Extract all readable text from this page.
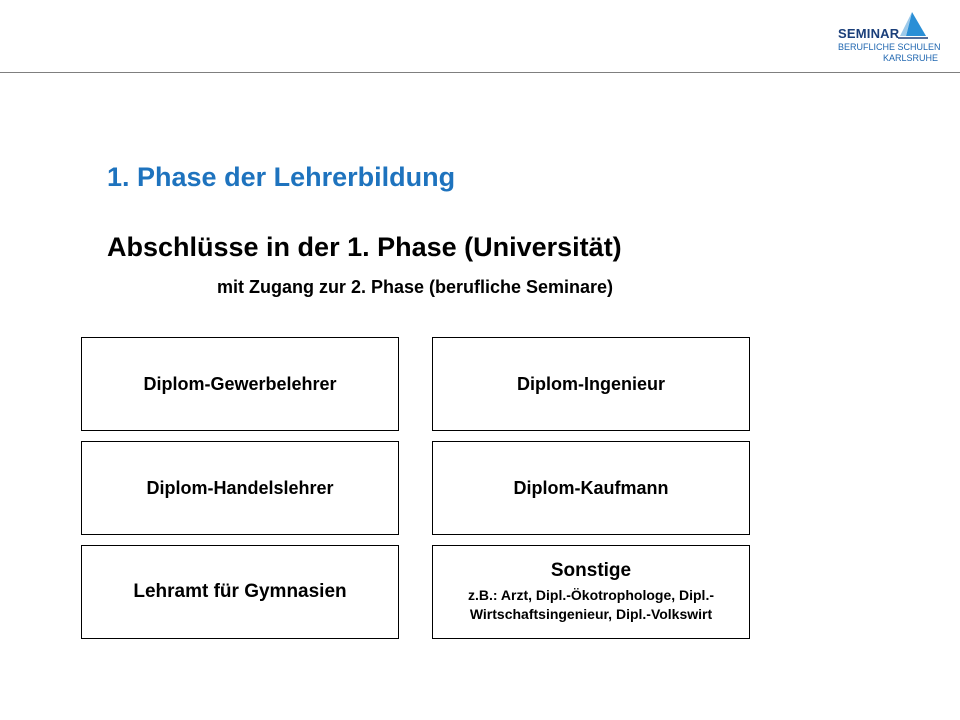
SEMINAR
BERUFLICHE SCHULEN
KARLSRUHE
1. Phase der Lehrerbildung
Abschlüsse in der 1. Phase (Universität)
mit Zugang zur 2. Phase (berufliche Seminare)
Diplom-Gewerbelehrer	Diplom-Ingenieur
Diplom-Handelslehrer	Diplom-Kaufmann
Lehramt für Gymnasien
Sonstige
z.B.: Arzt, Dipl.-Ökotrophologe, Dipl.-
Wirtschaftsingenieur, Dipl.-Volkswirt
